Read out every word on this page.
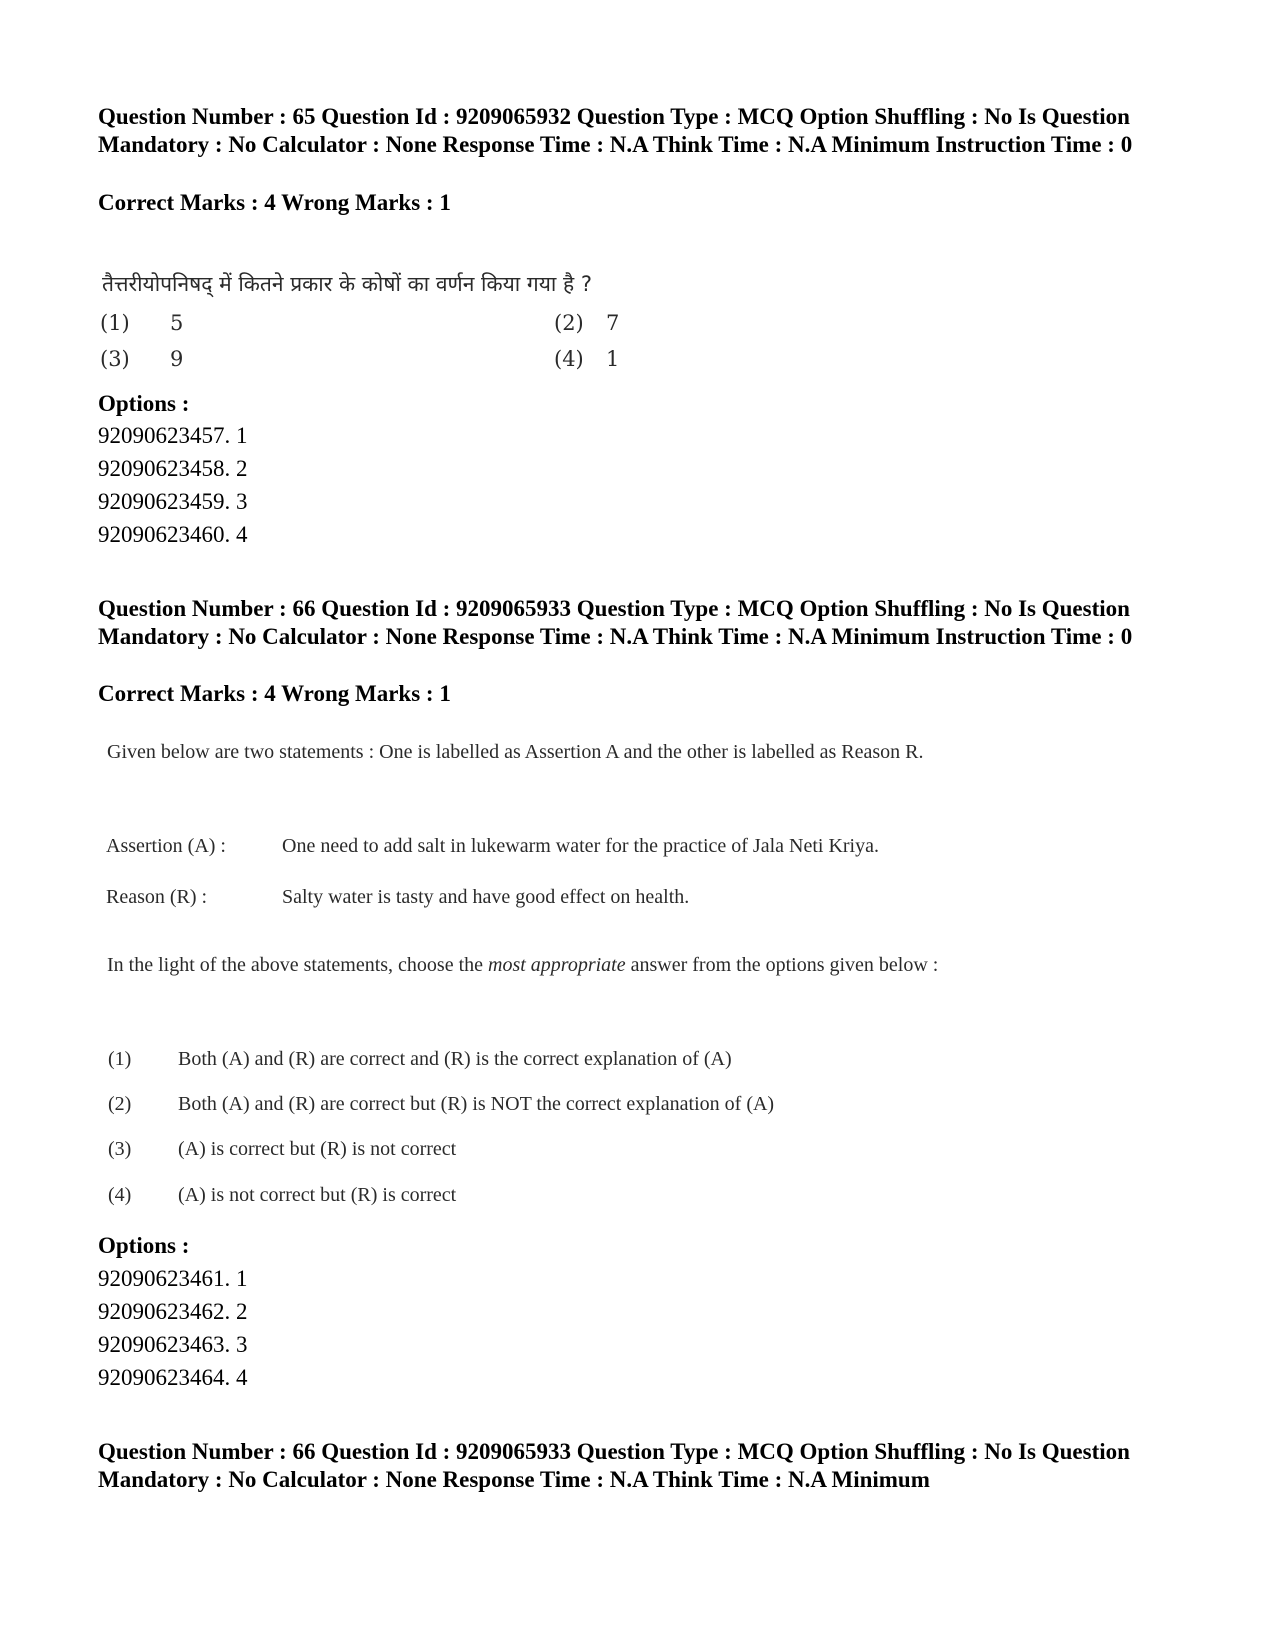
Question Number : 65 Question Id : 9209065932 Question Type : MCQ Option Shuffling : No Is Question Mandatory : No Calculator : None Response Time : N.A Think Time : N.A Minimum Instruction Time : 0
Correct Marks : 4 Wrong Marks : 1
तैत्तरीयोपनिषद् में कितने प्रकार के कोषों का वर्णन किया गया है ?
(1) 5	(2) 7
(3) 9	(4) 1
Options :
92090623457. 1
92090623458. 2
92090623459. 3
92090623460. 4
Question Number : 66 Question Id : 9209065933 Question Type : MCQ Option Shuffling : No Is Question Mandatory : No Calculator : None Response Time : N.A Think Time : N.A Minimum Instruction Time : 0
Correct Marks : 4 Wrong Marks : 1
Given below are two statements : One is labelled as Assertion A and the other is labelled as Reason R.
Assertion (A) :	One need to add salt in lukewarm water for the practice of Jala Neti Kriya.
Reason (R) :	Salty water is tasty and have good effect on health.
In the light of the above statements, choose the most appropriate answer from the options given below :
(1) Both (A) and (R) are correct and (R) is the correct explanation of (A)
(2) Both (A) and (R) are correct but (R) is NOT the correct explanation of (A)
(3) (A) is correct but (R) is not correct
(4) (A) is not correct but (R) is correct
Options :
92090623461. 1
92090623462. 2
92090623463. 3
92090623464. 4
Question Number : 66 Question Id : 9209065933 Question Type : MCQ Option Shuffling : No Is Question Mandatory : No Calculator : None Response Time : N.A Think Time : N.A Minimum
